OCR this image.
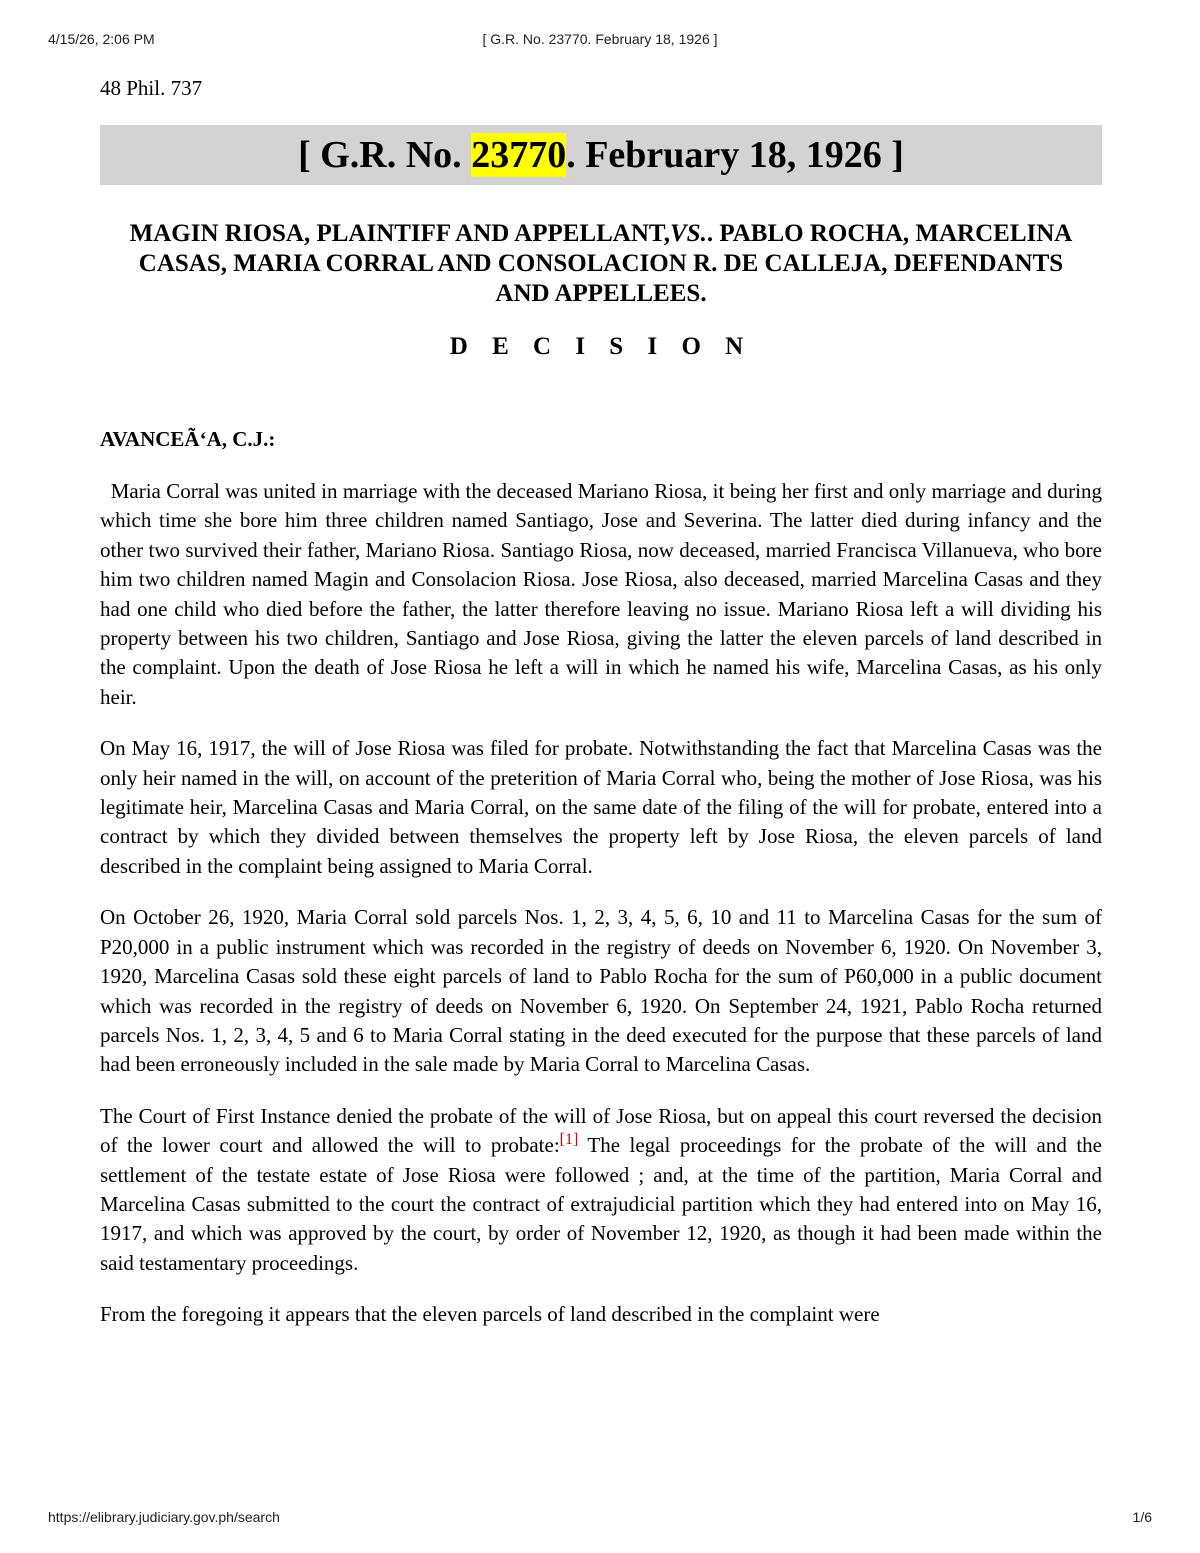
4/15/26, 2:06 PM	[ G.R. No. 23770. February 18, 1926 ]
48 Phil. 737
[ G.R. No. 23770 . February 18, 1926 ]
MAGIN RIOSA, PLAINTIFF AND APPELLANT,VS.. PABLO ROCHA, MARCELINA CASAS, MARIA CORRAL AND CONSOLACION R. DE CALLEJA, DEFENDANTS AND APPELLEES.
D E C I S I O N
AVANCEÃ‘A, C.J.:

Maria Corral was united in marriage with the deceased Mariano Riosa, it being her first and only marriage and during which time she bore him three children named Santiago, Jose and Severina. The latter died during infancy and the other two survived their father, Mariano Riosa. Santiago Riosa, now deceased, married Francisca Villanueva, who bore him two children named Magin and Consolacion Riosa. Jose Riosa, also deceased, married Marcelina Casas and they had one child who died before the father, the latter therefore leaving no issue. Mariano Riosa left a will dividing his property between his two children, Santiago and Jose Riosa, giving the latter the eleven parcels of land described in the complaint. Upon the death of Jose Riosa he left a will in which he named his wife, Marcelina Casas, as his only heir.

On May 16, 1917, the will of Jose Riosa was filed for probate. Notwithstanding the fact that Marcelina Casas was the only heir named in the will, on account of the preterition of Maria Corral who, being the mother of Jose Riosa, was his legitimate heir, Marcelina Casas and Maria Corral, on the same date of the filing of the will for probate, entered into a contract by which they divided between themselves the property left by Jose Riosa, the eleven parcels of land described in the complaint being assigned to Maria Corral.

On October 26, 1920, Maria Corral sold parcels Nos. 1, 2, 3, 4, 5, 6, 10 and 11 to Marcelina Casas for the sum of P20,000 in a public instrument which was recorded in the registry of deeds on November 6, 1920. On November 3, 1920, Marcelina Casas sold these eight parcels of land to Pablo Rocha for the sum of P60,000 in a public document which was recorded in the registry of deeds on November 6, 1920. On September 24, 1921, Pablo Rocha returned parcels Nos. 1, 2, 3, 4, 5 and 6 to Maria Corral stating in the deed executed for the purpose that these parcels of land had been erroneously included in the sale made by Maria Corral to Marcelina Casas.

The Court of First Instance denied the probate of the will of Jose Riosa, but on appeal this court reversed the decision of the lower court and allowed the will to probate:[1] The legal proceedings for the probate of the will and the settlement of the testate estate of Jose Riosa were followed ; and, at the time of the partition, Maria Corral and Marcelina Casas submitted to the court the contract of extrajudicial partition which they had entered into on May 16, 1917, and which was approved by the court, by order of November 12, 1920, as though it had been made within the said testamentary proceedings.

From the foregoing it appears that the eleven parcels of land described in the complaint were

https://elibrary.judiciary.gov.ph/search	1/6
